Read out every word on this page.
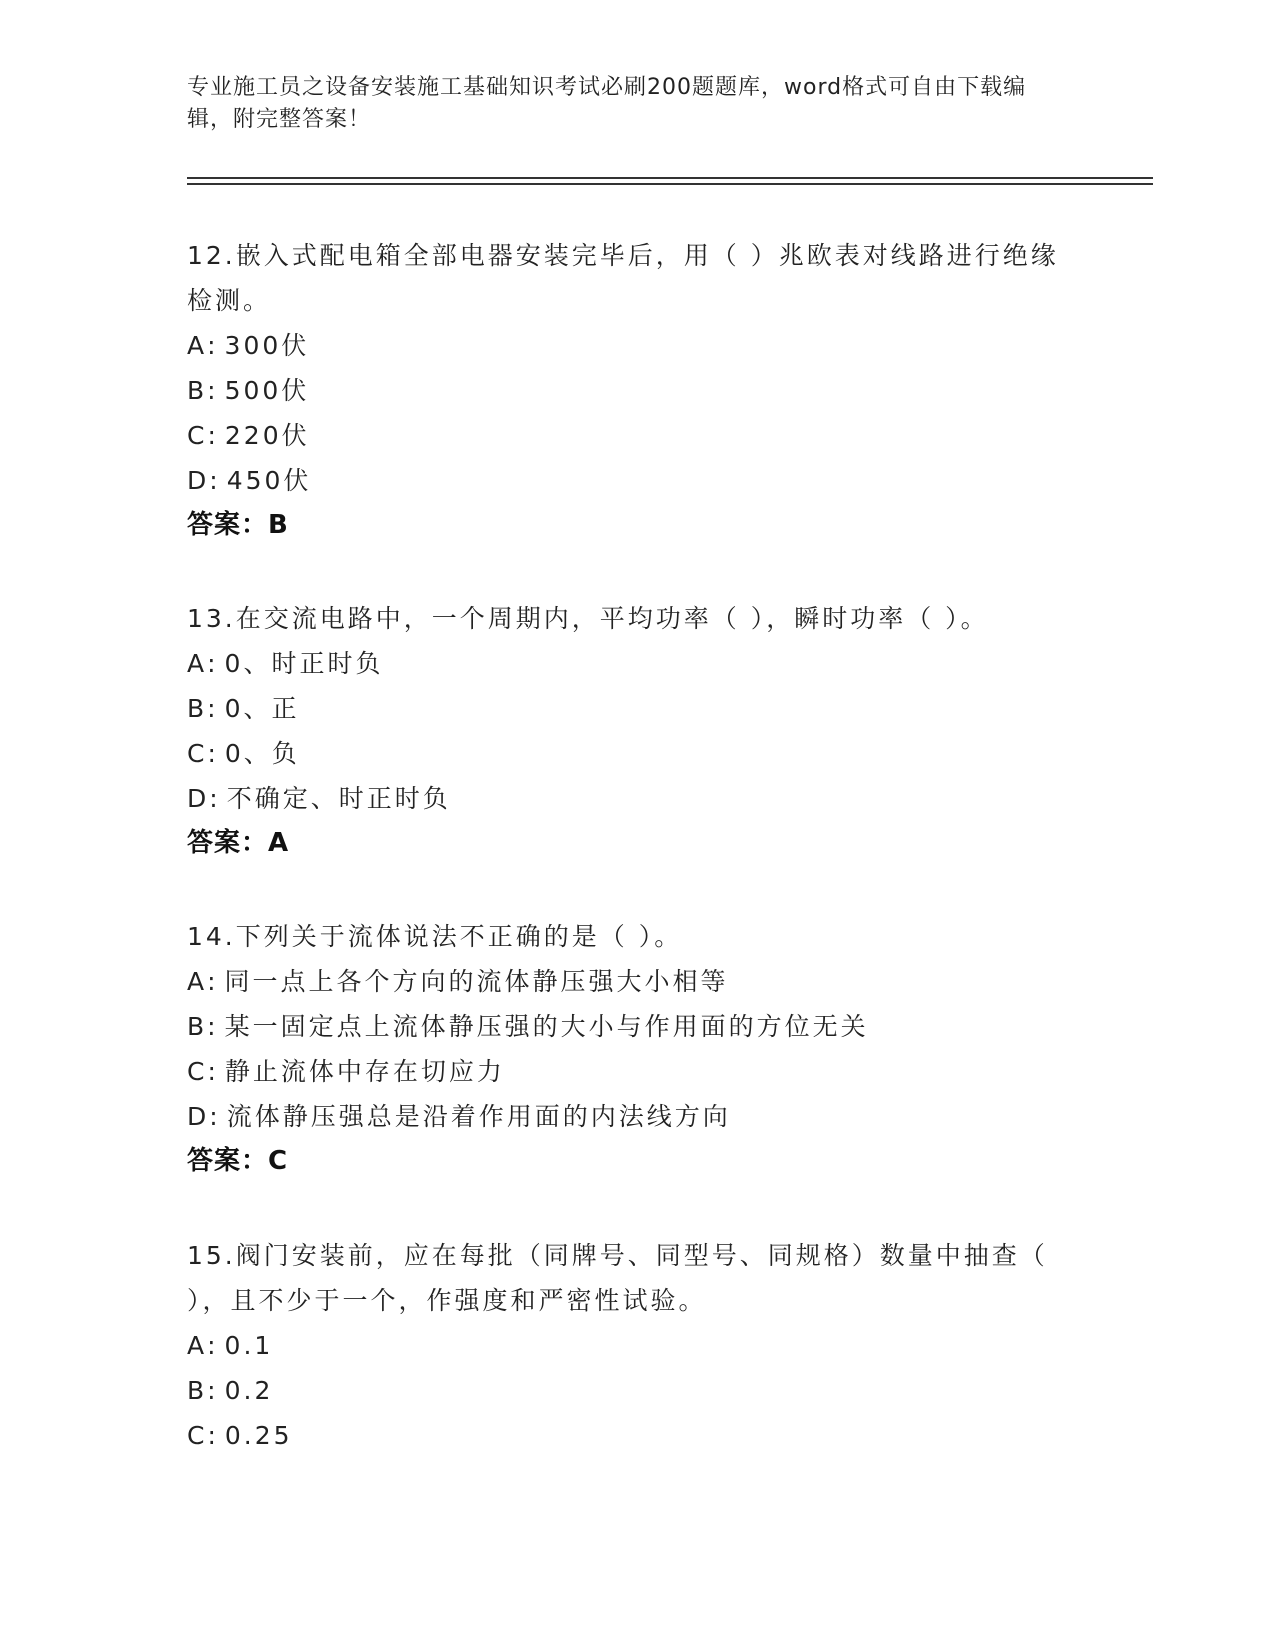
专业施工员之设备安装施工基础知识考试必刷200题题库，word格式可自由下载编辑，附完整答案！

12.嵌入式配电箱全部电器安装完毕后，用（ ）兆欧表对线路进行绝缘检测。

A: 300伏

B: 500伏

C: 220伏

D: 450伏

答案：B

13.在交流电路中，一个周期内，平均功率（ ），瞬时功率（ ）。

A: 0、时正时负

B: 0、正

C: 0、负

D: 不确定、时正时负

答案：A

14.下列关于流体说法不正确的是（ ）。

A: 同一点上各个方向的流体静压强大小相等

B: 某一固定点上流体静压强的大小与作用面的方位无关

C: 静止流体中存在切应力

D: 流体静压强总是沿着作用面的内法线方向

答案：C

15.阀门安装前，应在每批（同牌号、同型号、同规格）数量中抽查（ ），且不少于一个，作强度和严密性试验。

A: 0.1

B: 0.2

C: 0.25
